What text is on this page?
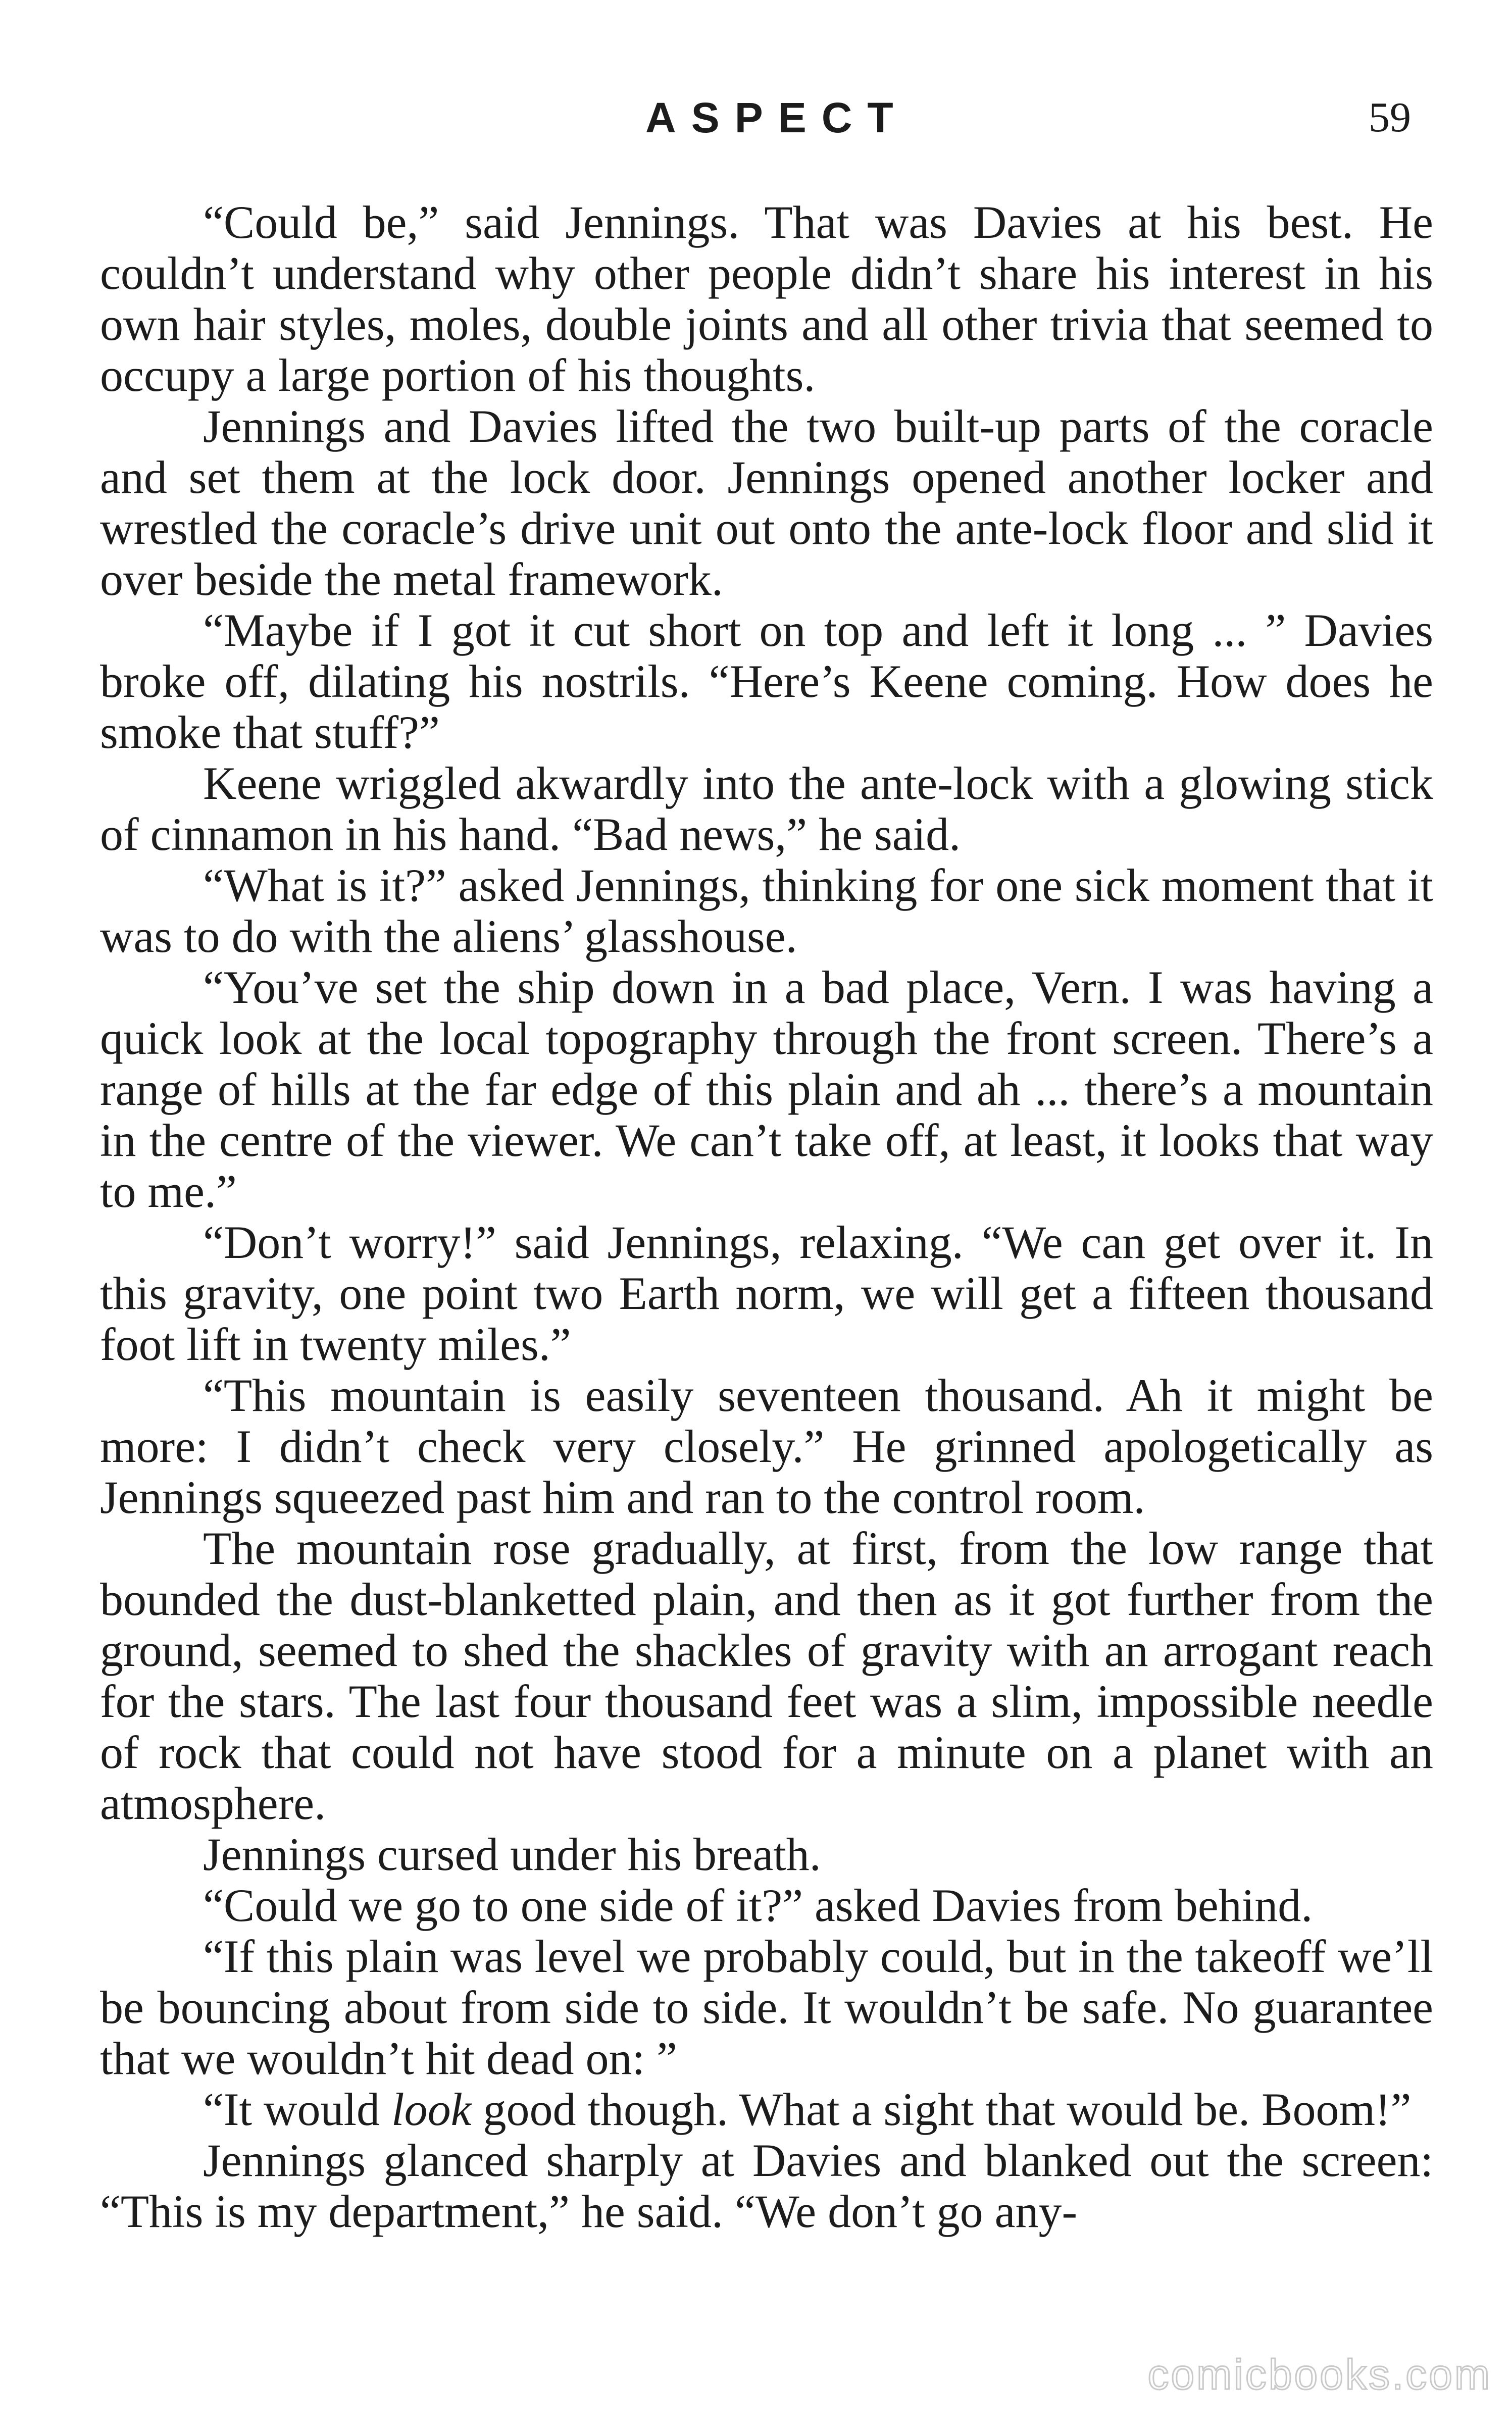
ASPECT	59

“Could be,” said Jennings. That was Davies at his best. He couldn’t understand why other people didn’t share his interest in his own hair styles, moles, double joints and all other trivia that seemed to occupy a large portion of his thoughts.

Jennings and Davies lifted the two built-up parts of the coracle and set them at the lock door. Jennings opened another locker and wrestled the coracle’s drive unit out onto the ante-lock floor and slid it over beside the metal framework.

“Maybe if I got it cut short on top and left it long ... ” Davies broke off, dilating his nostrils. “Here’s Keene coming. How does he smoke that stuff?”

Keene wriggled akwardly into the ante-lock with a glowing stick of cinnamon in his hand. “Bad news,” he said.

“What is it?” asked Jennings, thinking for one sick moment that it was to do with the aliens’ glasshouse.

“You’ve set the ship down in a bad place, Vern. I was having a quick look at the local topography through the front screen. There’s a range of hills at the far edge of this plain and ah ... there’s a mountain in the centre of the viewer. We can’t take off, at least, it looks that way to me.”

“Don’t worry!” said Jennings, relaxing. “We can get over it. In this gravity, one point two Earth norm, we will get a fifteen thousand foot lift in twenty miles.”

“This mountain is easily seventeen thousand. Ah it might be more: I didn’t check very closely.” He grinned apologetically as Jennings squeezed past him and ran to the control room.

The mountain rose gradually, at first, from the low range that bounded the dust-blanketted plain, and then as it got further from the ground, seemed to shed the shackles of gravity with an arrogant reach for the stars. The last four thousand feet was a slim, impossible needle of rock that could not have stood for a minute on a planet with an atmosphere.

Jennings cursed under his breath.

“Could we go to one side of it?” asked Davies from behind.

“If this plain was level we probably could, but in the takeoff we’ll be bouncing about from side to side. It wouldn’t be safe. No guarantee that we wouldn’t hit dead on: ”

“It would look good though. What a sight that would be. Boom!”

Jennings glanced sharply at Davies and blanked out the screen: “This is my department,” he said. “We don’t go any-

comicbooks.com
